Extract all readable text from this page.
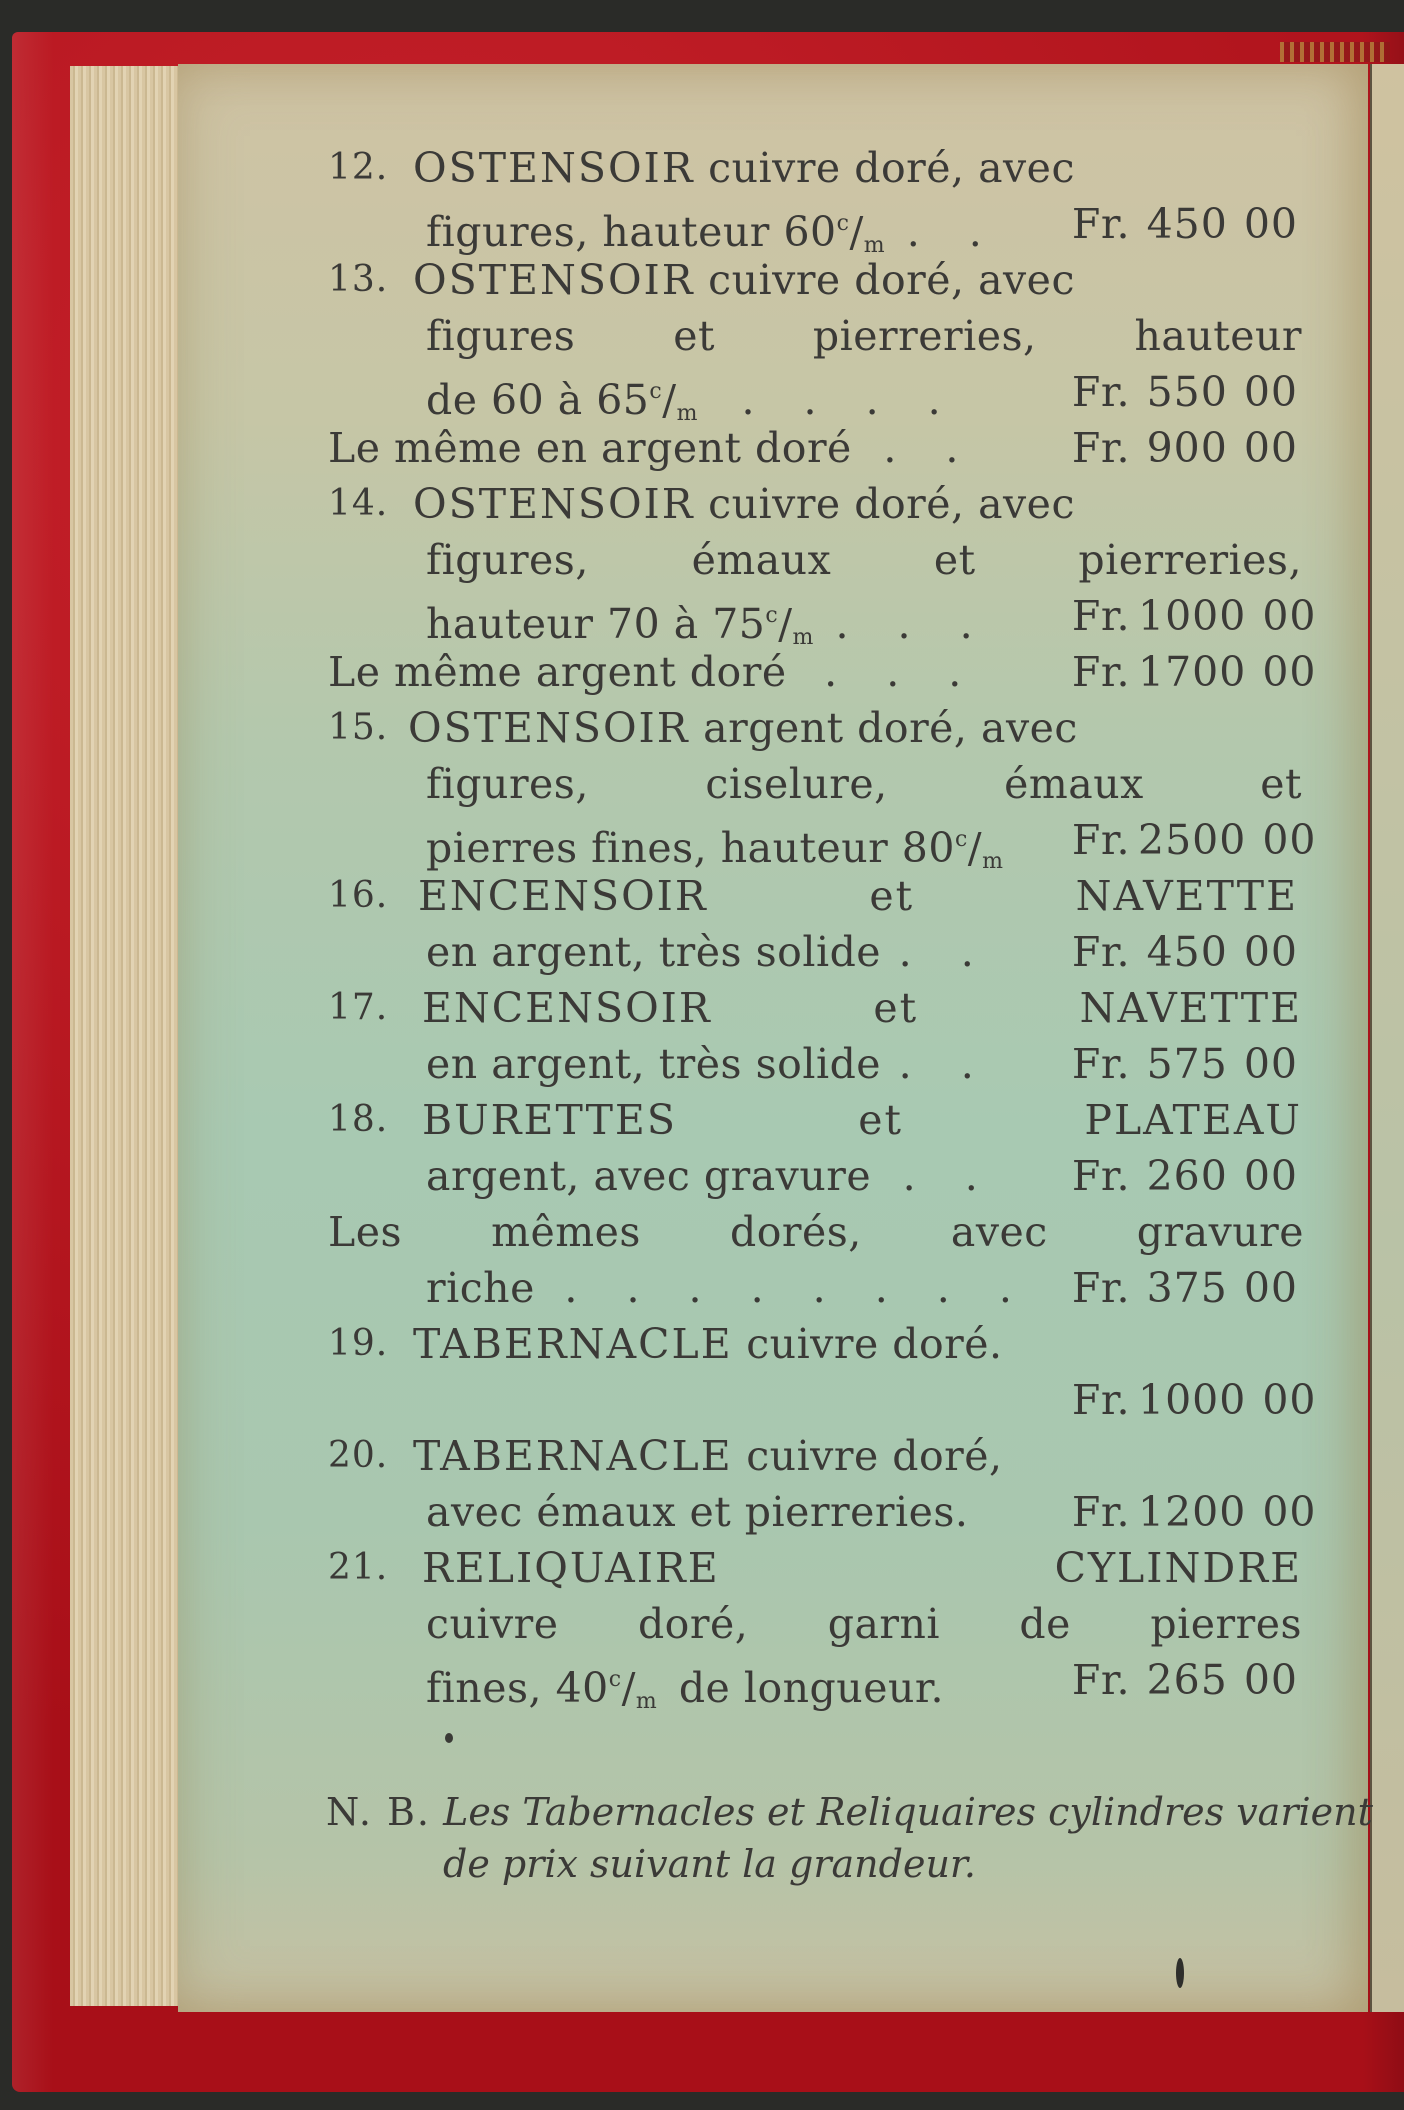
12. OSTENSOIR cuivre doré, avec
figures, hauteur $60^c/_m$ . .	Fr. 450 00
13. OSTENSOIR cuivre doré, avec
figures et pierreries, hauteur
de 60 à $65^c/_m$ . . . .	Fr. 550 00
Le même en argent doré . .	Fr. 900 00
14. OSTENSOIR cuivre doré, avec
figures, émaux et pierreries,
hauteur 70 à $75^c/_m$ . . .	Fr. 1000 00
Le même argent doré . . .	Fr. 1700 00
15. OSTENSOIR argent doré, avec
figures, ciselure, émaux et
pierres fines, hauteur $80^c/_m$	Fr. 2500 00
16. ENCENSOIR et NAVETTE
en argent, très solide . .	Fr. 450 00
17. ENCENSOIR et NAVETTE
en argent, très solide . .	Fr. 575 00
18. BURETTES et PLATEAU
argent, avec gravure . .	Fr. 260 00
Les mêmes dorés, avec gravure
riche . . . . . . . .	Fr. 375 00
19. TABERNACLE cuivre doré.
Fr. 1000 00
20. TABERNACLE cuivre doré,
avec émaux et pierreries.	Fr. 1200 00
21. RELIQUAIRE CYLINDRE
cuivre doré, garni de pierres
fines, $40^c/_m$ de longueur.	Fr. 265 00
N. B. Les Tabernacles et Reliquaires cylindres varient
de prix suivant la grandeur.
